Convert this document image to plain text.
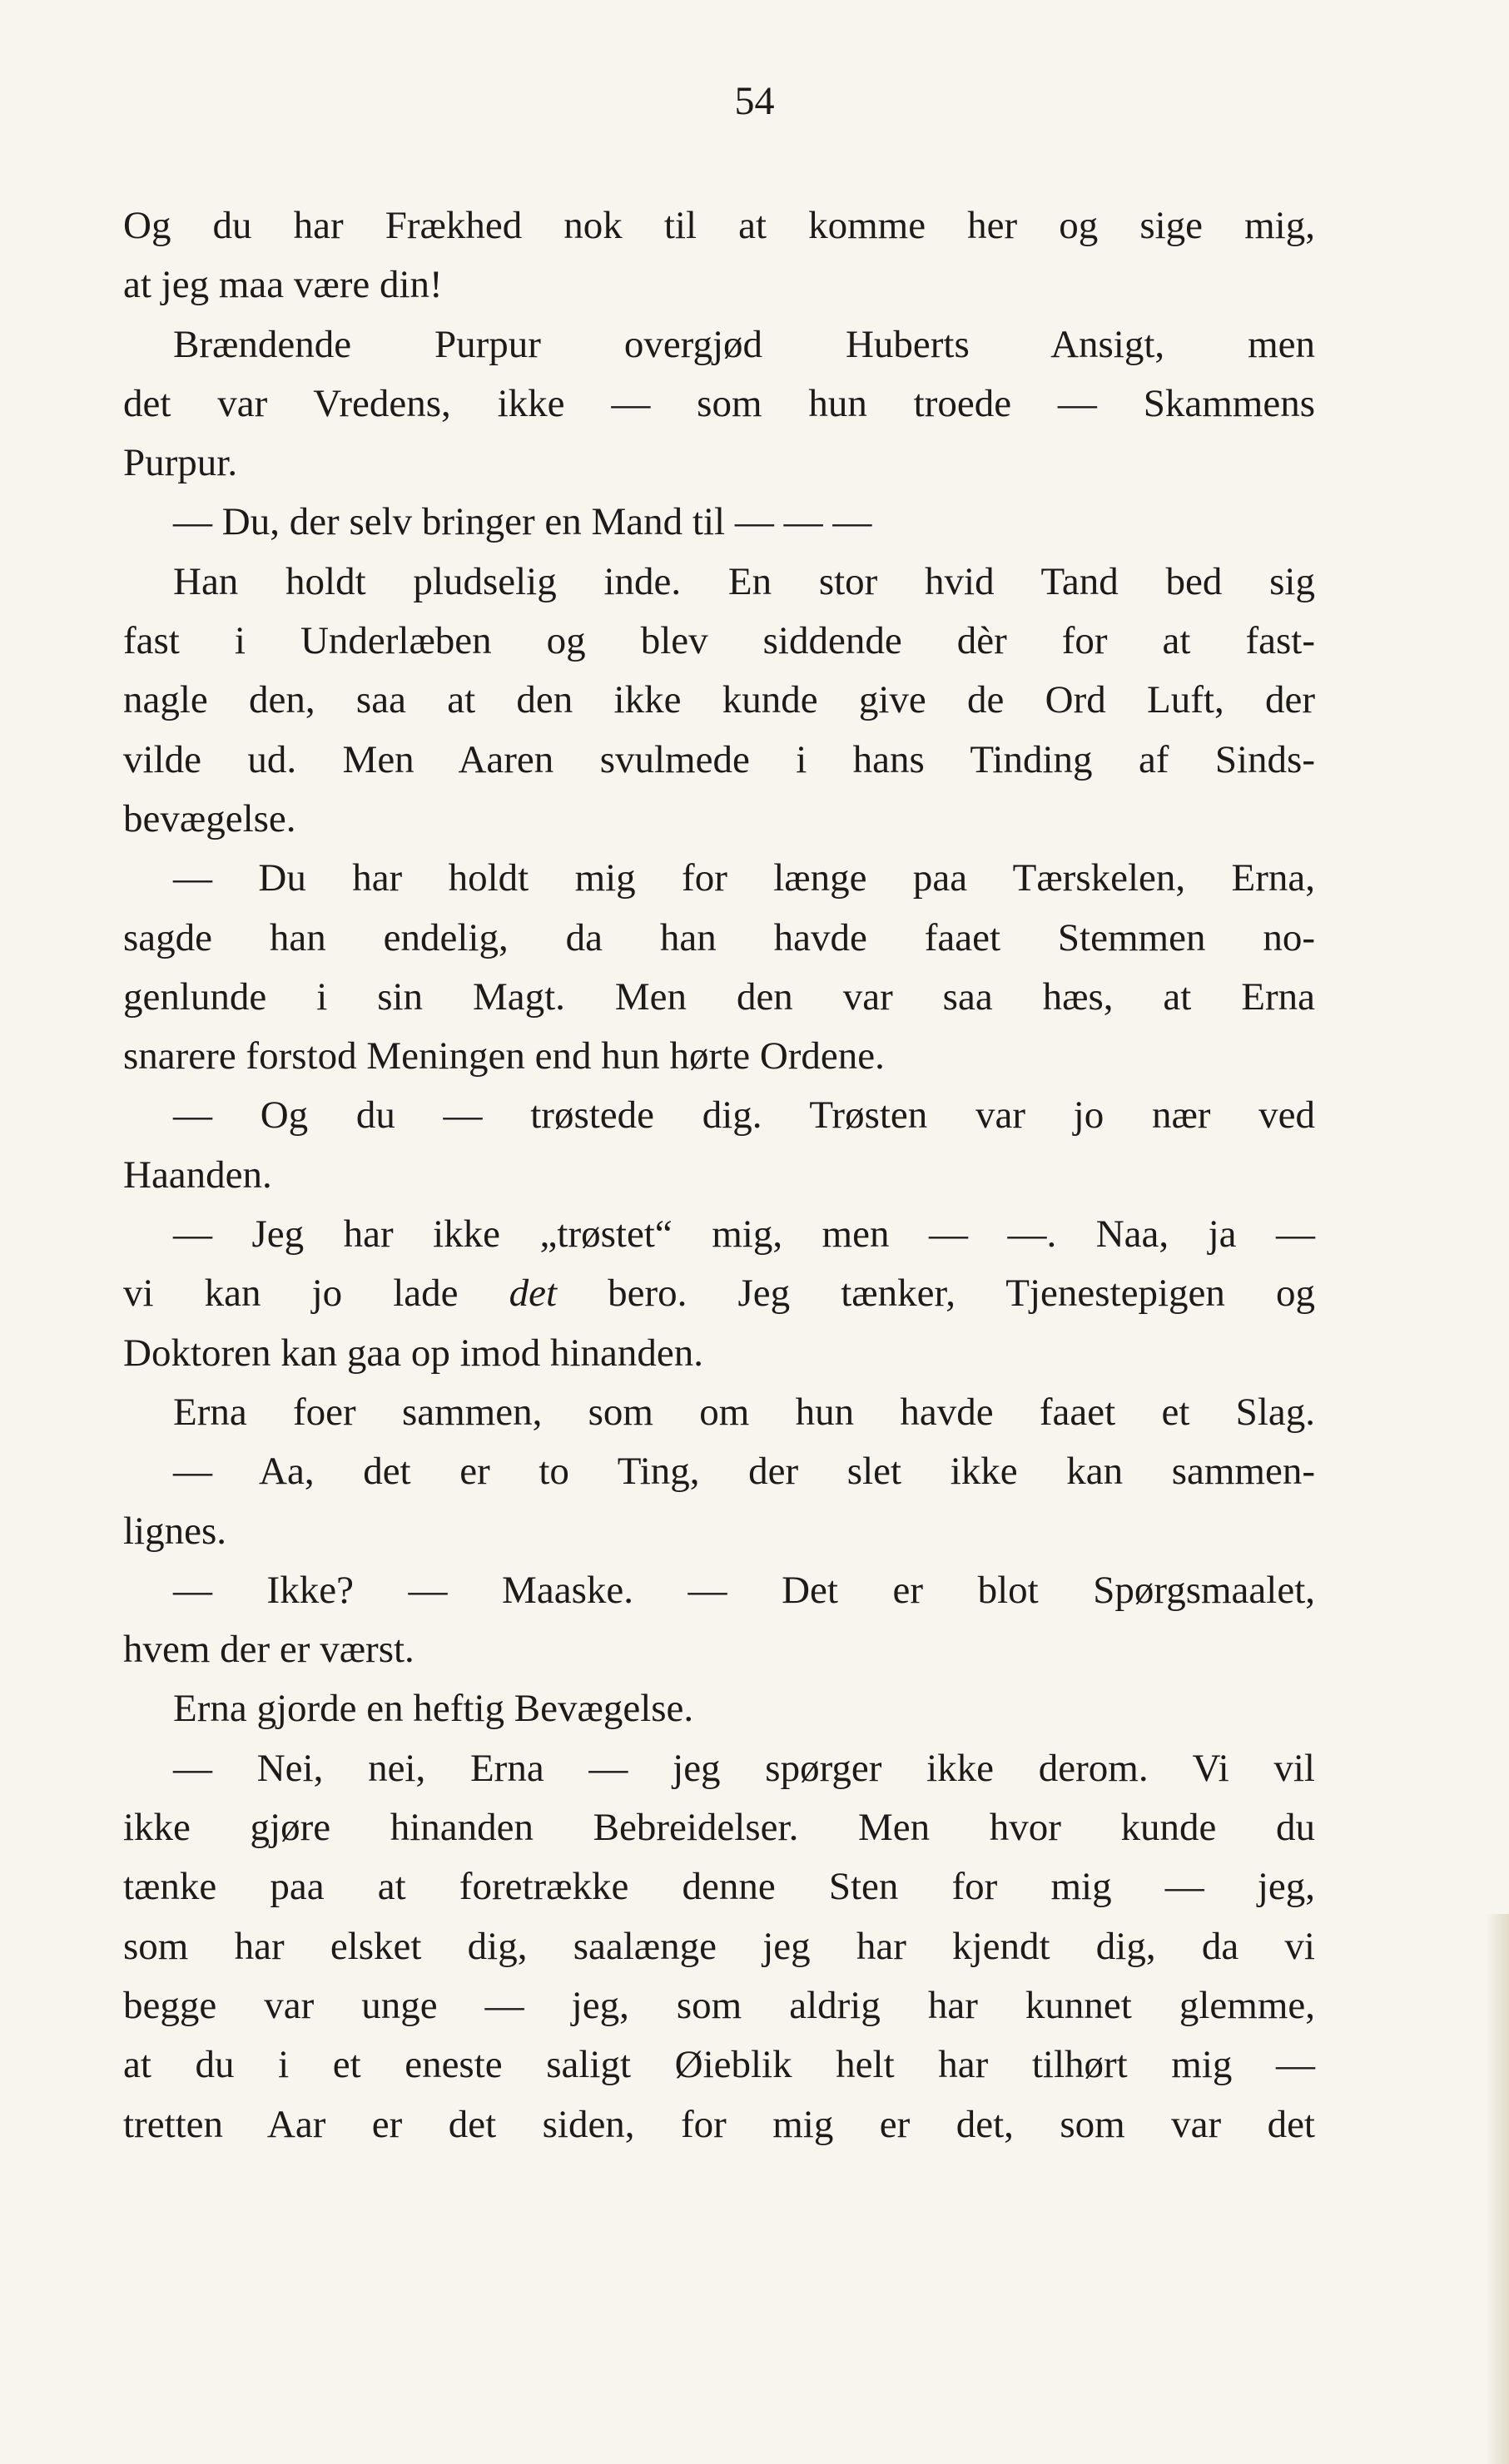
54
Og du har Frækhed nok til at komme her og sige mig,
at jeg maa være din!
Brændende Purpur overgjød Huberts Ansigt, men
det var Vredens, ikke — som hun troede — Skammens
Purpur.
— Du, der selv bringer en Mand til — — —
Han holdt pludselig inde. En stor hvid Tand bed sig
fast i Underlæben og blev siddende dèr for at fast-
nagle den, saa at den ikke kunde give de Ord Luft, der
vilde ud. Men Aaren svulmede i hans Tinding af Sinds-
bevægelse.
— Du har holdt mig for længe paa Tærskelen, Erna,
sagde han endelig, da han havde faaet Stemmen no-
genlunde i sin Magt. Men den var saa hæs, at Erna
snarere forstod Meningen end hun hørte Ordene.
— Og du — trøstede dig. Trøsten var jo nær ved
Haanden.
— Jeg har ikke „trøstet“ mig, men — —. Naa, ja —
vi kan jo lade det bero. Jeg tænker, Tjenestepigen og
Doktoren kan gaa op imod hinanden.
Erna foer sammen, som om hun havde faaet et Slag.
— Aa, det er to Ting, der slet ikke kan sammen-
lignes.
— Ikke? — Maaske. — Det er blot Spørgsmaalet,
hvem der er værst.
Erna gjorde en heftig Bevægelse.
— Nei, nei, Erna — jeg spørger ikke derom. Vi vil
ikke gjøre hinanden Bebreidelser. Men hvor kunde du
tænke paa at foretrække denne Sten for mig — jeg,
som har elsket dig, saalænge jeg har kjendt dig, da vi
begge var unge — jeg, som aldrig har kunnet glemme,
at du i et eneste saligt Øieblik helt har tilhørt mig —
tretten Aar er det siden, for mig er det, som var det
